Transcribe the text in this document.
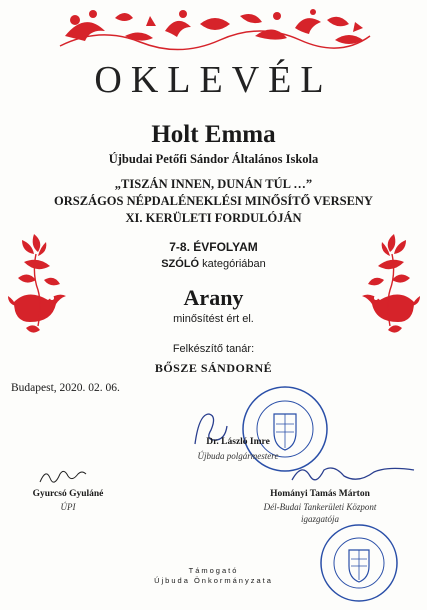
OKLEVÉL
Holt Emma
Újbudai Petőfi Sándor Általános Iskola
„TISZÁN INNEN, DUNÁN TÚL …”
ORSZÁGOS NÉPDALÉNEKLÉSI MINŐSÍTŐ VERSENY
XI. KERÜLETI FORDULÓJÁN
7-8. ÉVFOLYAM
SZÓLÓ kategóriában
Arany
minősítést ért el.
Felkészítő tanár:
BŐSZE SÁNDORNÉ
Budapest, 2020. 02. 06.
Dr. László Imre
Újbuda polgármestere
Gyurcsó Gyuláné
ÚPI
Hományi Tamás Márton
Dél-Budai Tankerületi Központ
igazgatója
Támogató
Újbuda Önkormányzata
